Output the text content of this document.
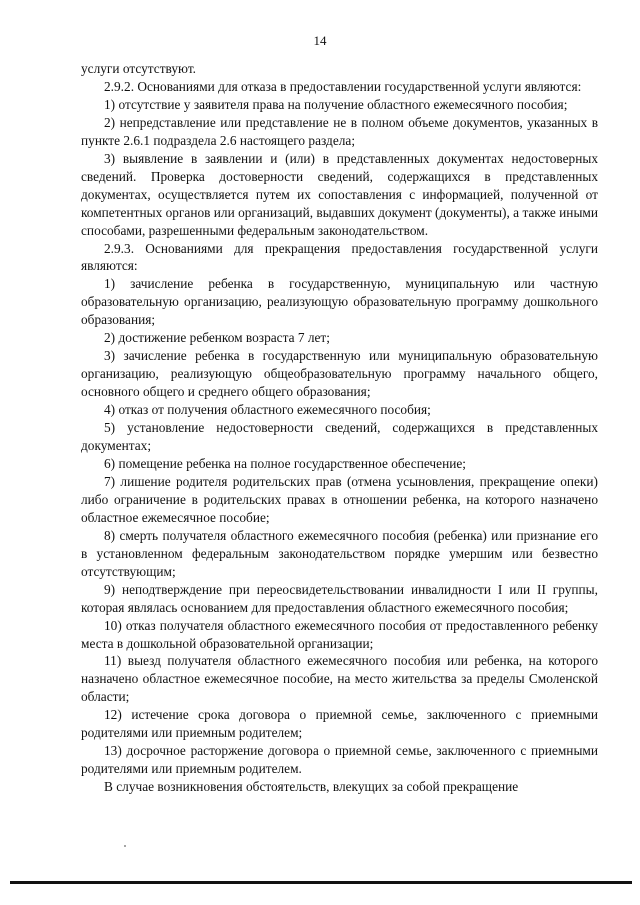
14

услуги отсутствуют.

2.9.2. Основаниями для отказа в предоставлении государственной услуги являются:

1) отсутствие у заявителя права на получение областного ежемесячного пособия;

2) непредставление или представление не в полном объеме документов, указанных в пункте 2.6.1 подраздела 2.6 настоящего раздела;

3) выявление в заявлении и (или) в представленных документах недостоверных сведений. Проверка достоверности сведений, содержащихся в представленных документах, осуществляется путем их сопоставления с информацией, полученной от компетентных органов или организаций, выдавших документ (документы), а также иными способами, разрешенными федеральным законодательством.

2.9.3. Основаниями для прекращения предоставления государственной услуги являются:

1) зачисление ребенка в государственную, муниципальную или частную образовательную организацию, реализующую образовательную программу дошкольного образования;

2) достижение ребенком возраста 7 лет;

3) зачисление ребенка в государственную или муниципальную образовательную организацию, реализующую общеобразовательную программу начального общего, основного общего и среднего общего образования;

4) отказ от получения областного ежемесячного пособия;

5) установление недостоверности сведений, содержащихся в представленных документах;

6) помещение ребенка на полное государственное обеспечение;

7) лишение родителя родительских прав (отмена усыновления, прекращение опеки) либо ограничение в родительских правах в отношении ребенка, на которого назначено областное ежемесячное пособие;

8) смерть получателя областного ежемесячного пособия (ребенка) или признание его в установленном федеральным законодательством порядке умершим или безвестно отсутствующим;

9) неподтверждение при переосвидетельствовании инвалидности I или II группы, которая являлась основанием для предоставления областного ежемесячного пособия;

10) отказ получателя областного ежемесячного пособия от предоставленного ребенку места в дошкольной образовательной организации;

11) выезд получателя областного ежемесячного пособия или ребенка, на которого назначено областное ежемесячное пособие, на место жительства за пределы Смоленской области;

12) истечение срока договора о приемной семье, заключенного с приемными родителями или приемным родителем;

13) досрочное расторжение договора о приемной семье, заключенного с приемными родителями или приемным родителем.

В случае возникновения обстоятельств, влекущих за собой прекращение
